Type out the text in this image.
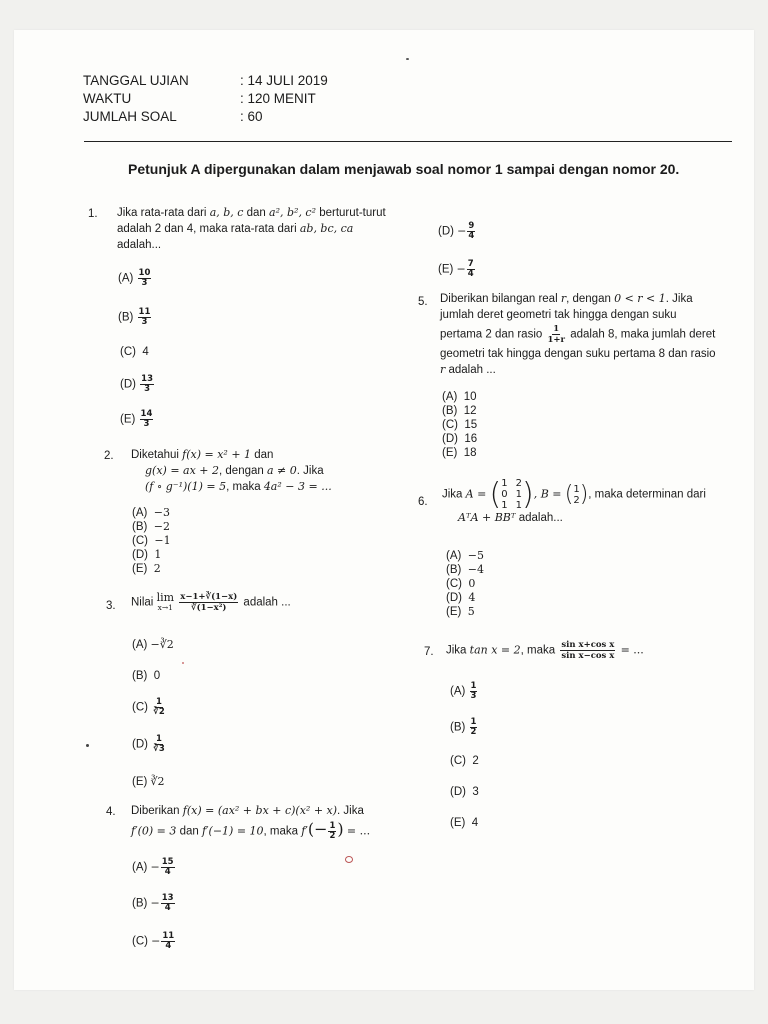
TANGGAL UJIAN
WAKTU
JUMLAH SOAL
: 14 JULI 2019
: 120 MENIT
: 60
Petunjuk A dipergunakan dalam menjawab soal nomor 1 sampai dengan nomor 20.
1. Jika rata-rata dari a, b, c dan a², b², c² berturut-turut
adalah 2 dan 4, maka rata-rata dari ab, bc, ca
adalah...
$(A) \frac{10}{3}$
$(B) \frac{11}{3}$
(C) 4
$(D) \frac{13}{3}$
$(E) \frac{14}{3}$
2. Diketahui f(x) = x² + 1 dan
g(x) = ax + 2, dengan a ≠ 0. Jika
(f ∘ g⁻¹)(1) = 5, maka 4a² − 3 = ...
(A) −3
(B) −2
(C) −1
(D) 1
(E) 2
3. Nilai lim
x→1
$\frac{x-1+∛(1-x)}{\text{∛(1−x²)}}$ adalah ...
(A) −∛2
(B) 0
$(C) \frac{1}{∛2}$
$(D) \frac{1}{∛3}$
(E) ∛2
4. Diberikan f(x) = (ax² + bx + c)(x² + x). Jika
f′(0) = 3 dan f′(−1) = 10, maka $f'(- \frac{1}{2}$ ) = ...
$(A) - \frac{15}{4}$
$(B) - \frac{13}{4}$
$(C) - \frac{11}{4}$
$(D) - \frac{9}{4}$
$(E) - \frac{7}{4}$
5. Diberikan bilangan real r, dengan 0 < r < 1. Jika
jumlah deret geometri tak hingga dengan suku
pertama 2 dan rasio $\frac{1}{1+r}$ adalah 8, maka jumlah deret
geometri tak hingga dengan suku pertama 8 dan rasio
r adalah ...
(A) 10
(B) 12
(C) 15
(D) 16
(E) 18
6.
Jika A = ( 1 2
0 1
1 1 ) , B = ( 1
2 ) , maka determinan dari
AᵀA + BBᵀ adalah...
(A) −5
(B) −4
(C) 0
(D) 4
(E) 5
7. Jika tan x = 2, maka $\frac{\text{sin x+cos x}}{\text{sin x−cos x}}$ = ...
$(A) \frac{1}{3}$
$(B) \frac{1}{2}$
(C) 2
(D) 3
(E) 4
